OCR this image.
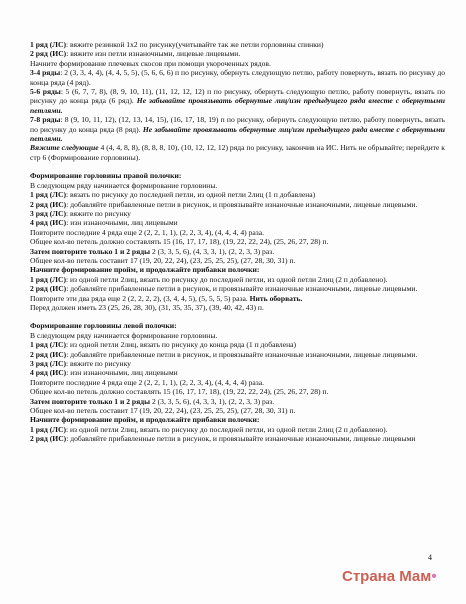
1 ряд (ЛС): вяжите резинкой 1х2 по рисунку(учитывайте так же петли горловины спинки)

2 ряд (ИС): вяжите изн петли изнаночными, лицевые лицевыми.

Начните формирование плечевых скосов при помощи укороченных рядов.

3-4 ряды: 2 (3, 3, 4, 4), (4, 4, 5, 5), (5, 6, 6, 6) п по рисунку, обернуть следующую петлю, работу повернуть, вязать по рисунку до конца ряда (4 ряд).

5-6 ряды: 5 (6, 7, 7, 8), (8, 9, 10, 11), (11, 12, 12, 12) п по рисунку, обернуть следующую петлю, работу повернуть, вязать по рисунку до конца ряда (6 ряд). Не забывайте провязывать обернутые лиц/изн предыдущего ряда вместе с обернутыми петлями.

7-8 ряды: 8 (9, 10, 11, 12), (12, 13, 14, 15), (16, 17, 18, 19) п по рисунку, обернуть следующую петлю, работу повернуть, вязать по рисунку до конца ряда (8 ряд). Не забывайте провязывать обернутые лиц/изн предыдущего ряда вместе с обернутыми петлями.

Вяжите следующие 4 (4, 4, 8, 8), (8, 8, 8, 10), (10, 12, 12, 12) ряда по рисунку, закончив на ИС. Нить не обрывайте; перейдите к стр 6 (Формирование горловины).

Формирование горловины правой полочки:

В следующем ряду начинается формирование горловины.

1 ряд (ЛС): вязать по рисунку до последней петли, из одной петли 2лиц (1 п добавлена)

2 ряд (ИС): добавляйте прибавленные петли в рисунок, и провязывайте изнаночные изнаночными, лицевые лицевыми.

3 ряд (ЛС): вяжите по рисунку

4 ряд (ИС): изн изнаночными, лиц лицевыми

Повторите последние 4 ряда еще 2 (2, 2, 1, 1), (2, 2, 3, 4), (4, 4, 4, 4) раза.

Общее кол-во петель должно составлять 15 (16, 17, 17, 18), (19, 22, 22, 24), (25, 26, 27, 28) п.

Затем повторите только 1 и 2 ряды 2 (3, 3, 5, 6), (4, 3, 3, 1), (2, 2, 3, 3) раз.

Общее кол-во петель составит 17 (19, 20, 22, 24), (23, 25, 25, 25), (27, 28, 30, 31) п.

Начните формирование пройм, и продолжайте прибавки полочки:

1 ряд (ЛС): из одной петли 2лиц, вязать по рисунку до последней петли, из одной петли 2лиц (2 п добавлено).

2 ряд (ИС): добавляйте прибавленные петли в рисунок, и провязывайте изнаночные изнаночными, лицевые лицевыми.

Повторите эти два ряда еще 2 (2, 2, 2, 2), (3, 4, 4, 5), (5, 5, 5, 5) раза. Нить оборвать.

Перед должен иметь 23 (25, 26, 28, 30), (31, 35, 35, 37), (39, 40, 42, 43) п.

Формирование горловины левой полочки:

В следующем ряду начинается формирование горловины.

1 ряд (ЛС): из одной петли 2лиц, вязать по рисунку до конца ряда (1 п добавлена)

2 ряд (ИС): добавляйте прибавленные петли в рисунок, и провязывайте изнаночные изнаночными, лицевые лицевыми.

3 ряд (ЛС): вяжите по рисунку

4 ряд (ИС): изн изнаночными, лиц лицевыми

Повторите последние 4 ряда еще 2 (2, 2, 1, 1), (2, 2, 3, 4), (4, 4, 4, 4) раза.

Общее кол-во петель должно составлять 15 (16, 17, 17, 18), (19, 22, 22, 24), (25, 26, 27, 28) п.

Затем повторите только 1 и 2 ряды 2 (3, 3, 5, 6), (4, 3, 3, 1), (2, 2, 3, 3) раз.

Общее кол-во петель составит 17 (19, 20, 22, 24), (23, 25, 25, 25), (27, 28, 30, 31) п.

Начните формирование пройм, и продолжайте прибавки полочки:

1 ряд (ЛС): из одной петли 2лиц, вязать по рисунку до последней петли, из одной петли 2лиц (2 п добавлено).

2 ряд (ИС): добавляйте прибавленные петли в рисунок, и провязывайте изнаночные изнаночными, лицевые лицевыми

4
Страна Мам•
